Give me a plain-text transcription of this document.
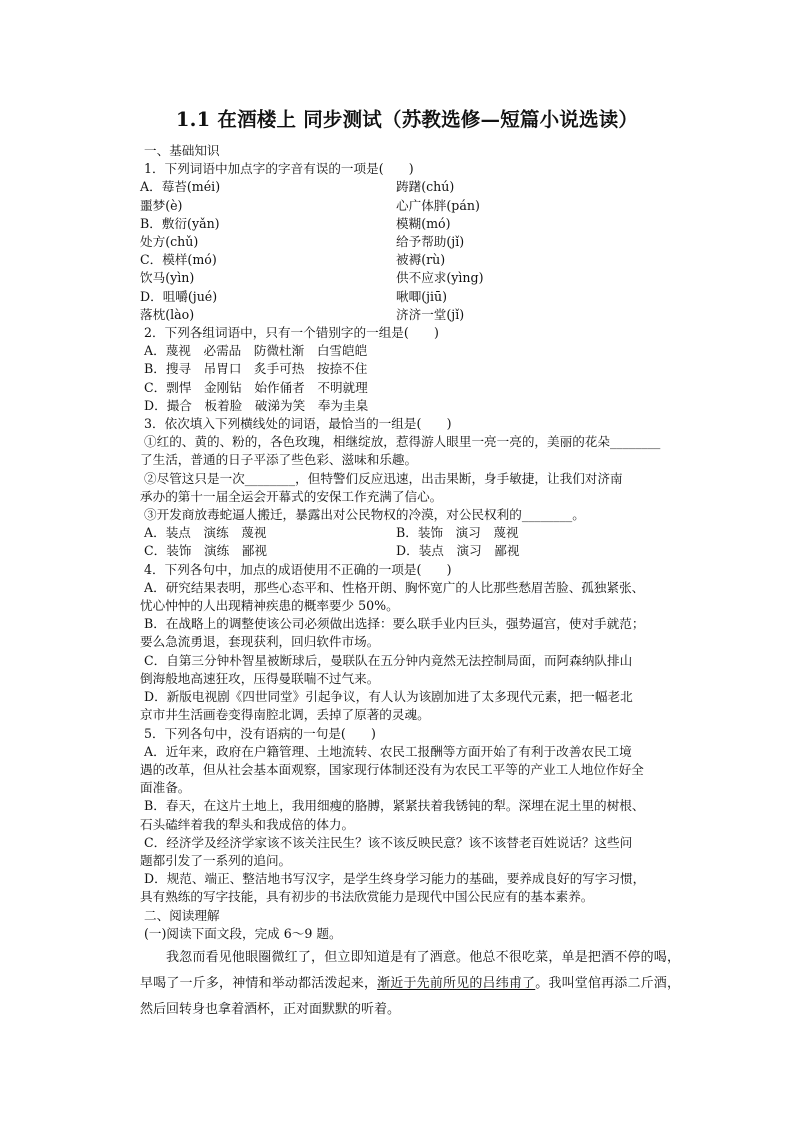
1.1 在酒楼上 同步测试（苏教选修—短篇小说选读）
一、基础知识
1．下列词语中加点字的字音有误的一项是(　　)
A．莓苔(méi)	踌躇(chú)
噩梦(è)	心广体胖(pán)
B．敷衍(yǎn)	模糊(mó)
处方(chǔ)	给予帮助(jǐ)
C．模样(mó)	被褥(rù)
饮马(yìn)	供不应求(yìng)
D．咀嚼(jué)	啾唧(jiū)
落枕(lào)	济济一堂(jǐ)
2．下列各组词语中，只有一个错别字的一组是(　　)
A．蔑视　必需品　防微杜渐　白雪皑皑
B．搜寻　吊胃口　炙手可热　按捺不住
C．剽悍　金刚钻　始作俑者　不明就理
D．撮合　板着脸　破涕为笑　奉为圭臬
3．依次填入下列横线处的词语，最恰当的一组是(　　)
①红的、黄的、粉的，各色玫瑰，相继绽放，惹得游人眼里一亮一亮的，美丽的花朵________
了生活，普通的日子平添了些色彩、滋味和乐趣。
②尽管这只是一次________，但特警们反应迅速，出击果断，身手敏捷，让我们对济南
承办的第十一届全运会开幕式的安保工作充满了信心。
③开发商放毒蛇逼人搬迁，暴露出对公民物权的冷漠，对公民权利的________。
A．装点　演练　蔑视	B．装饰　演习　蔑视
C．装饰　演练　鄙视	D．装点　演习　鄙视
4．下列各句中，加点的成语使用不正确的一项是(　　)
A．研究结果表明，那些心态平和、性格开朗、胸怀宽广的人比那些愁眉苦脸、孤独紧张、
忧心忡忡的人出现精神疾患的概率要少 50%。
B．在战略上的调整使该公司必须做出选择：要么联手业内巨头，强势逼宫，使对手就范；
要么急流勇退，套现获利，回归软件市场。
C．自第三分钟朴智星被断球后，曼联队在五分钟内竟然无法控制局面，而阿森纳队排山
倒海般地高速狂攻，压得曼联喘不过气来。
D．新版电视剧《四世同堂》引起争议，有人认为该剧加进了太多现代元素，把一幅老北
京市井生活画卷变得南腔北调，丢掉了原著的灵魂。
5．下列各句中，没有语病的一句是(　　)
A．近年来，政府在户籍管理、土地流转、农民工报酬等方面开始了有利于改善农民工境
遇的改革，但从社会基本面观察，国家现行体制还没有为农民工平等的产业工人地位作好全
面准备。
B．春天，在这片土地上，我用细瘦的胳膊，紧紧扶着我锈钝的犁。深埋在泥土里的树根、
石头磕绊着我的犁头和我成倍的体力。
C．经济学及经济学家该不该关注民生？该不该反映民意？该不该替老百姓说话？这些问
题都引发了一系列的追问。
D．规范、端正、整洁地书写汉字，是学生终身学习能力的基础，要养成良好的写字习惯，
具有熟练的写字技能，具有初步的书法欣赏能力是现代中国公民应有的基本素养。
二、阅读理解
(一)阅读下面文段，完成 6～9 题。
我忽而看见他眼圈微红了，但立即知道是有了酒意。他总不很吃菜，单是把酒不停的喝，早喝了一斤多，神情和举动都活泼起来，渐近于先前所见的吕纬甫了。我叫堂倌再添二斤酒，然后回转身也拿着酒杯，正对面默默的听着。
